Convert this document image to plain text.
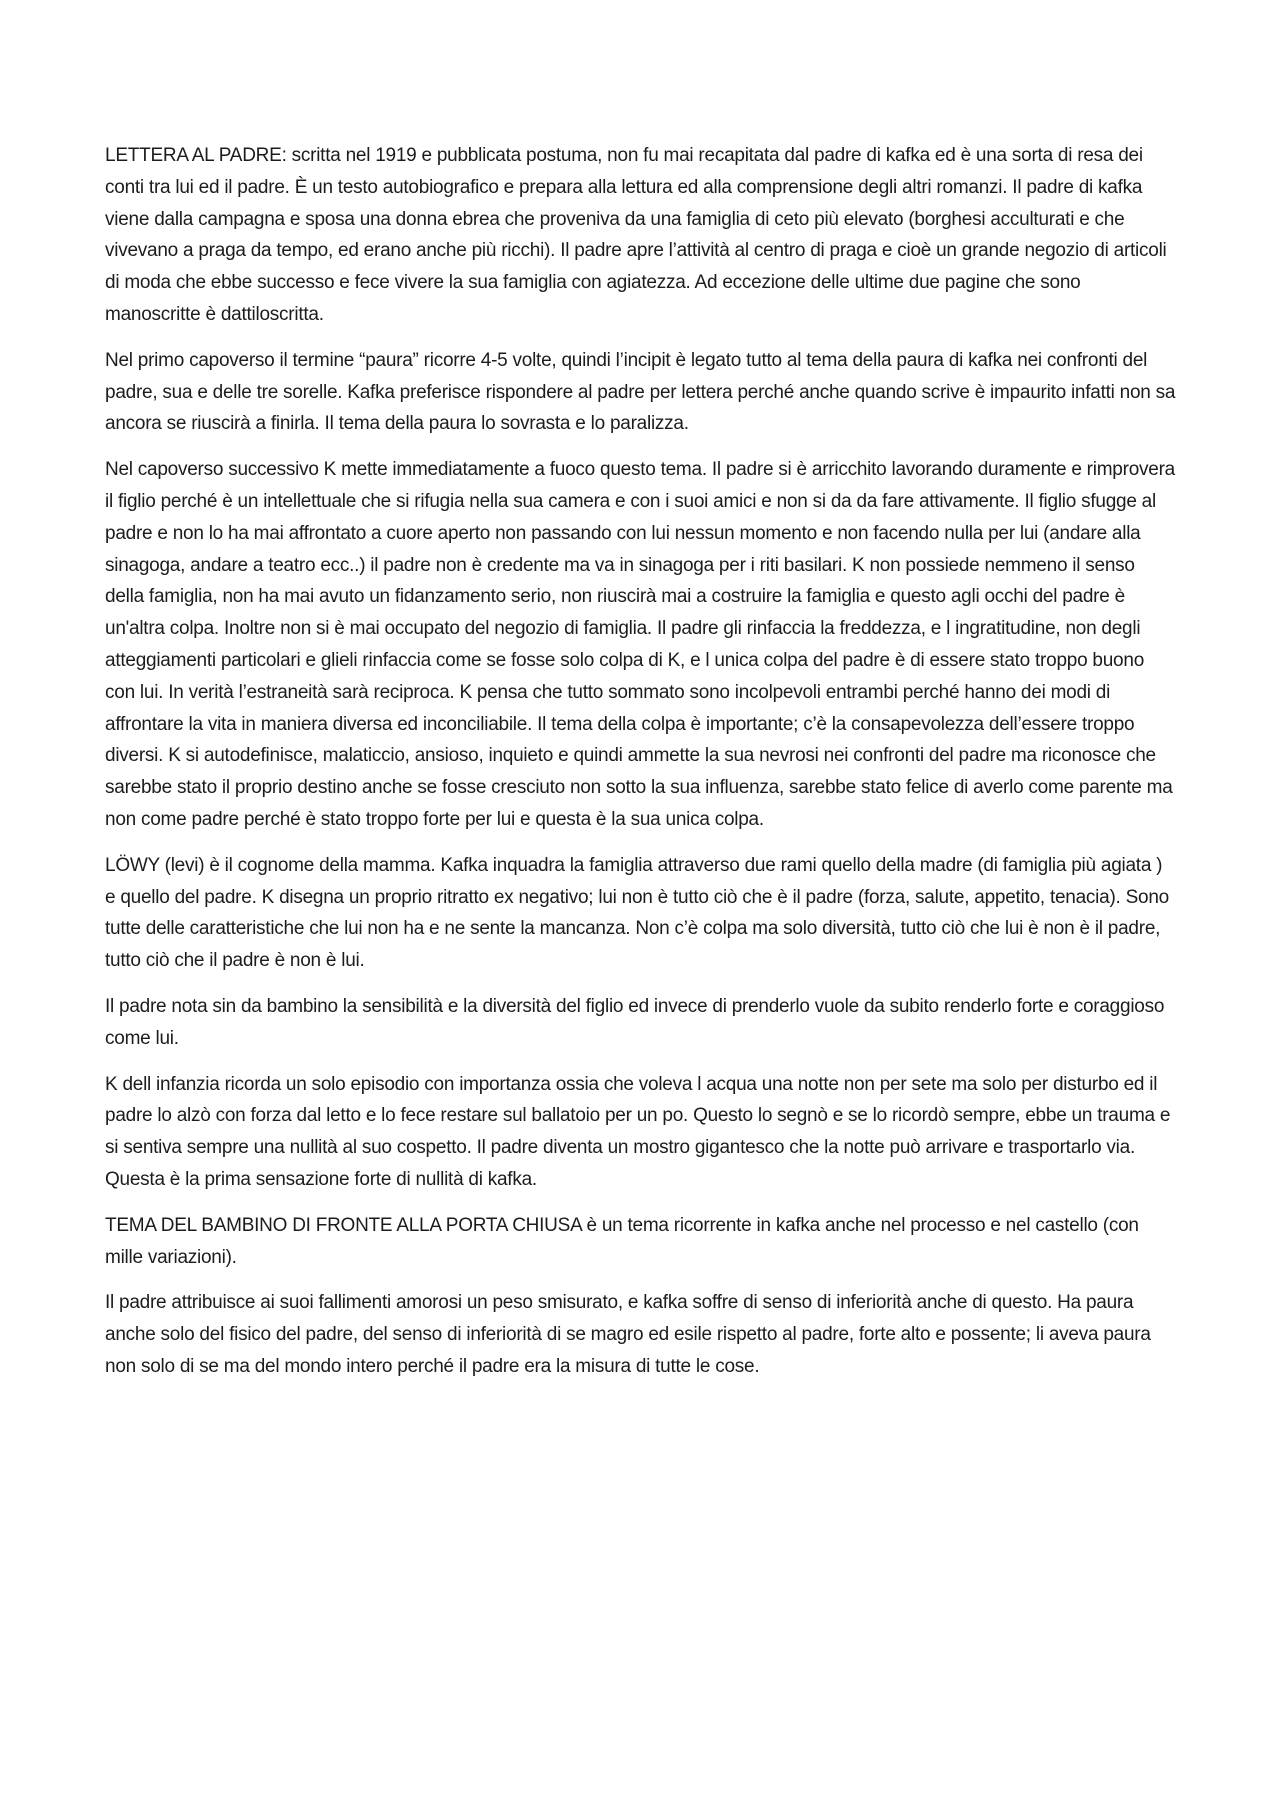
LETTERA AL PADRE: scritta nel 1919 e pubblicata postuma, non fu mai recapitata dal padre di kafka ed è una sorta di resa dei conti tra lui ed il padre. È un testo autobiografico e prepara alla lettura ed alla comprensione degli altri romanzi. Il padre di kafka viene dalla campagna e sposa una donna ebrea che proveniva da una famiglia di ceto più elevato (borghesi acculturati e che vivevano a praga da tempo, ed erano anche più ricchi). Il padre apre l’attività al centro di praga e cioè un grande negozio di articoli di moda che ebbe successo e fece vivere la sua famiglia con agiatezza. Ad eccezione delle ultime due pagine che sono manoscritte è dattiloscritta.

Nel primo capoverso il termine “paura” ricorre 4-5 volte, quindi l’incipit è legato tutto al tema della paura di kafka nei confronti del padre, sua e delle tre sorelle. Kafka preferisce rispondere al padre per lettera perché anche quando scrive è impaurito infatti non sa ancora se riuscirà a finirla. Il tema della paura lo sovrasta e lo paralizza.

Nel capoverso successivo K mette immediatamente a fuoco questo tema. Il padre si è arricchito lavorando duramente e rimprovera il figlio perché è un intellettuale che si rifugia nella sua camera e con i suoi amici e non si da da fare attivamente. Il figlio sfugge al padre e non lo ha mai affrontato a cuore aperto non passando con lui nessun momento e non facendo nulla per lui (andare alla sinagoga, andare a teatro ecc..) il padre non è credente ma va in sinagoga per i riti basilari. K non possiede nemmeno il senso della famiglia, non ha mai avuto un fidanzamento serio, non riuscirà mai a costruire la famiglia e questo agli occhi del padre è un'altra colpa. Inoltre non si è mai occupato del negozio di famiglia. Il padre gli rinfaccia la freddezza, e l ingratitudine, non degli atteggiamenti particolari e glieli rinfaccia come se fosse solo colpa di K, e l unica colpa del padre è di essere stato troppo buono con lui. In verità l’estraneità sarà reciproca. K pensa che tutto sommato sono incolpevoli entrambi perché hanno dei modi di affrontare la vita in maniera diversa ed inconciliabile. Il tema della colpa è importante; c’è la consapevolezza dell’essere troppo diversi. K si autodefinisce, malaticcio, ansioso, inquieto e quindi ammette la sua nevrosi nei confronti del padre ma riconosce che sarebbe stato il proprio destino anche se fosse cresciuto non sotto la sua influenza, sarebbe stato felice di averlo come parente ma non come padre perché è stato troppo forte per lui e questa è la sua unica colpa.

LÖWY (levi) è il cognome della mamma. Kafka inquadra la famiglia attraverso due rami quello della madre (di famiglia più agiata ) e quello del padre. K disegna un proprio ritratto ex negativo; lui non è tutto ciò che è il padre (forza, salute, appetito, tenacia). Sono tutte delle caratteristiche che lui non ha e ne sente la mancanza. Non c’è colpa ma solo diversità, tutto ciò che lui è non è il padre, tutto ciò che il padre è non è lui.

Il padre nota sin da bambino la sensibilità e la diversità del figlio ed invece di prenderlo vuole da subito renderlo forte e coraggioso come lui.

K dell infanzia ricorda un solo episodio con importanza ossia che voleva l acqua una notte non per sete ma solo per disturbo ed il padre lo alzò con forza dal letto e lo fece restare sul ballatoio per un po. Questo lo segnò e se lo ricordò sempre, ebbe un trauma e si sentiva sempre una nullità al suo cospetto. Il padre diventa un mostro gigantesco che la notte può arrivare e trasportarlo via. Questa è la prima sensazione forte di nullità di kafka.

TEMA DEL BAMBINO DI FRONTE ALLA PORTA CHIUSA è un tema ricorrente in kafka anche nel processo e nel castello (con mille variazioni).

Il padre attribuisce ai suoi fallimenti amorosi un peso smisurato, e kafka soffre di senso di inferiorità anche di questo. Ha paura anche solo del fisico del padre, del senso di inferiorità di se magro ed esile rispetto al padre, forte alto e possente; li aveva paura non solo di se ma del mondo intero perché il padre era la misura di tutte le cose.
